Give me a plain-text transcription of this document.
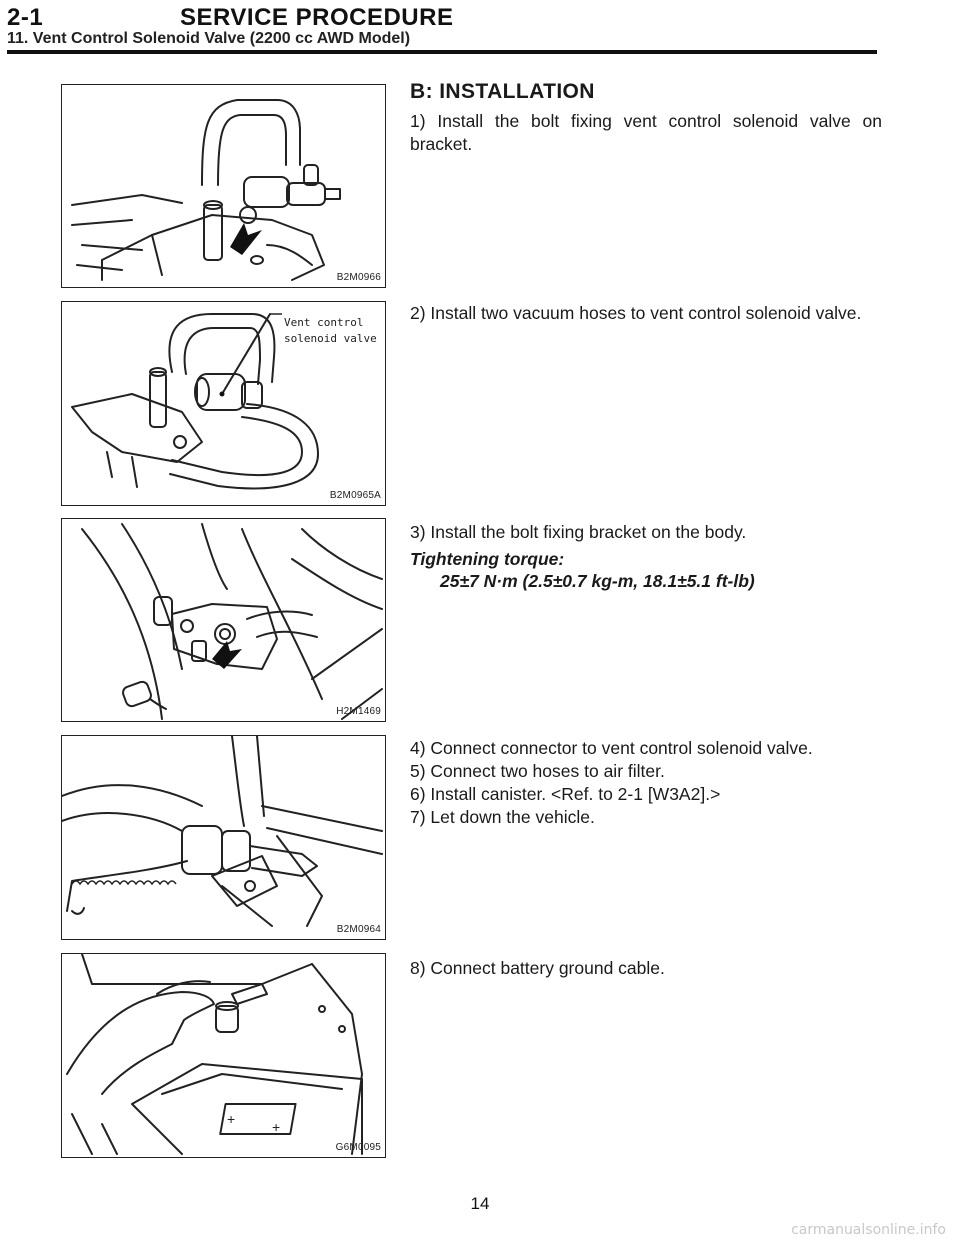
2-1	SERVICE PROCEDURE
11. Vent Control Solenoid Valve (2200 cc AWD Model)
B2M0966
Vent control
solenoid valve
B2M0965A
H2M1469
B2M0964
+	+
G6M0095
B: INSTALLATION
1) Install the bolt fixing vent control solenoid valve on bracket.
2) Install two vacuum hoses to vent control solenoid valve.
3) Install the bolt fixing bracket on the body.
Tightening torque:
25±7 N·m (2.5±0.7 kg-m, 18.1±5.1 ft-lb)
4) Connect connector to vent control solenoid valve.
5) Connect two hoses to air filter.
6) Install canister. <Ref. to 2-1 [W3A2].>
7) Let down the vehicle.
8) Connect battery ground cable.
14
carmanualsonline.info
